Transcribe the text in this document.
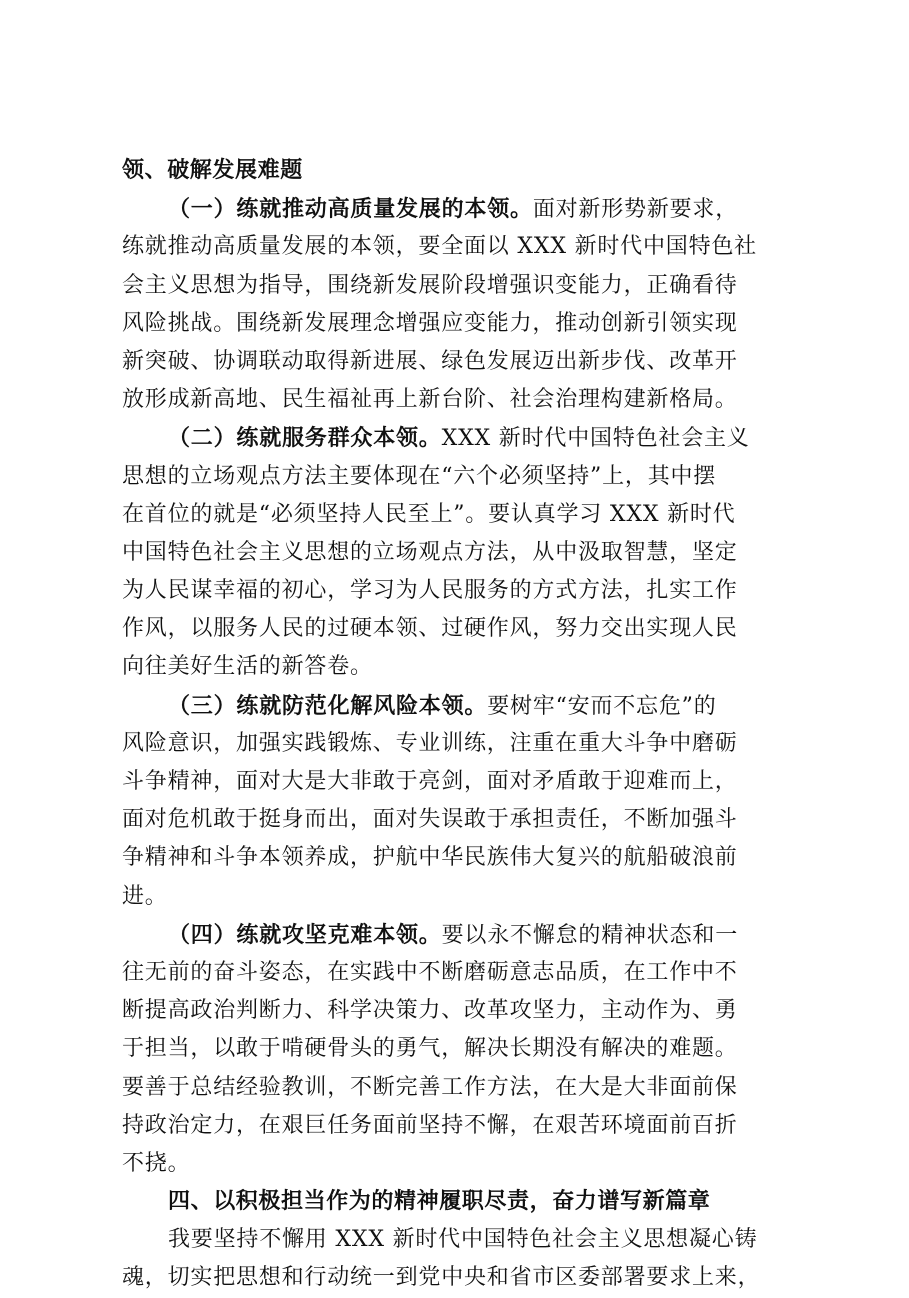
领、破解发展难题
（一）练就推动高质量发展的本领。面对新形势新要求，
练就推动高质量发展的本领，要全面以 XXX 新时代中国特色社
会主义思想为指导，围绕新发展阶段增强识变能力，正确看待
风险挑战。围绕新发展理念增强应变能力，推动创新引领实现
新突破、协调联动取得新进展、绿色发展迈出新步伐、改革开
放形成新高地、民生福祉再上新台阶、社会治理构建新格局。
（二）练就服务群众本领。XXX 新时代中国特色社会主义
思想的立场观点方法主要体现在“六个必须坚持”上，其中摆
在首位的就是“必须坚持人民至上”。要认真学习 XXX 新时代
中国特色社会主义思想的立场观点方法，从中汲取智慧，坚定
为人民谋幸福的初心，学习为人民服务的方式方法，扎实工作
作风，以服务人民的过硬本领、过硬作风，努力交出实现人民
向往美好生活的新答卷。
（三）练就防范化解风险本领。要树牢“安而不忘危”的
风险意识，加强实践锻炼、专业训练，注重在重大斗争中磨砺
斗争精神，面对大是大非敢于亮剑，面对矛盾敢于迎难而上，
面对危机敢于挺身而出，面对失误敢于承担责任，不断加强斗
争精神和斗争本领养成，护航中华民族伟大复兴的航船破浪前
进。
（四）练就攻坚克难本领。要以永不懈怠的精神状态和一
往无前的奋斗姿态，在实践中不断磨砺意志品质，在工作中不
断提高政治判断力、科学决策力、改革攻坚力，主动作为、勇
于担当，以敢于啃硬骨头的勇气，解决长期没有解决的难题。
要善于总结经验教训，不断完善工作方法，在大是大非面前保
持政治定力，在艰巨任务面前坚持不懈，在艰苦环境面前百折
不挠。
四、以积极担当作为的精神履职尽责，奋力谱写新篇章
我要坚持不懈用 XXX 新时代中国特色社会主义思想凝心铸
魂，切实把思想和行动统一到党中央和省市区委部署要求上来，
